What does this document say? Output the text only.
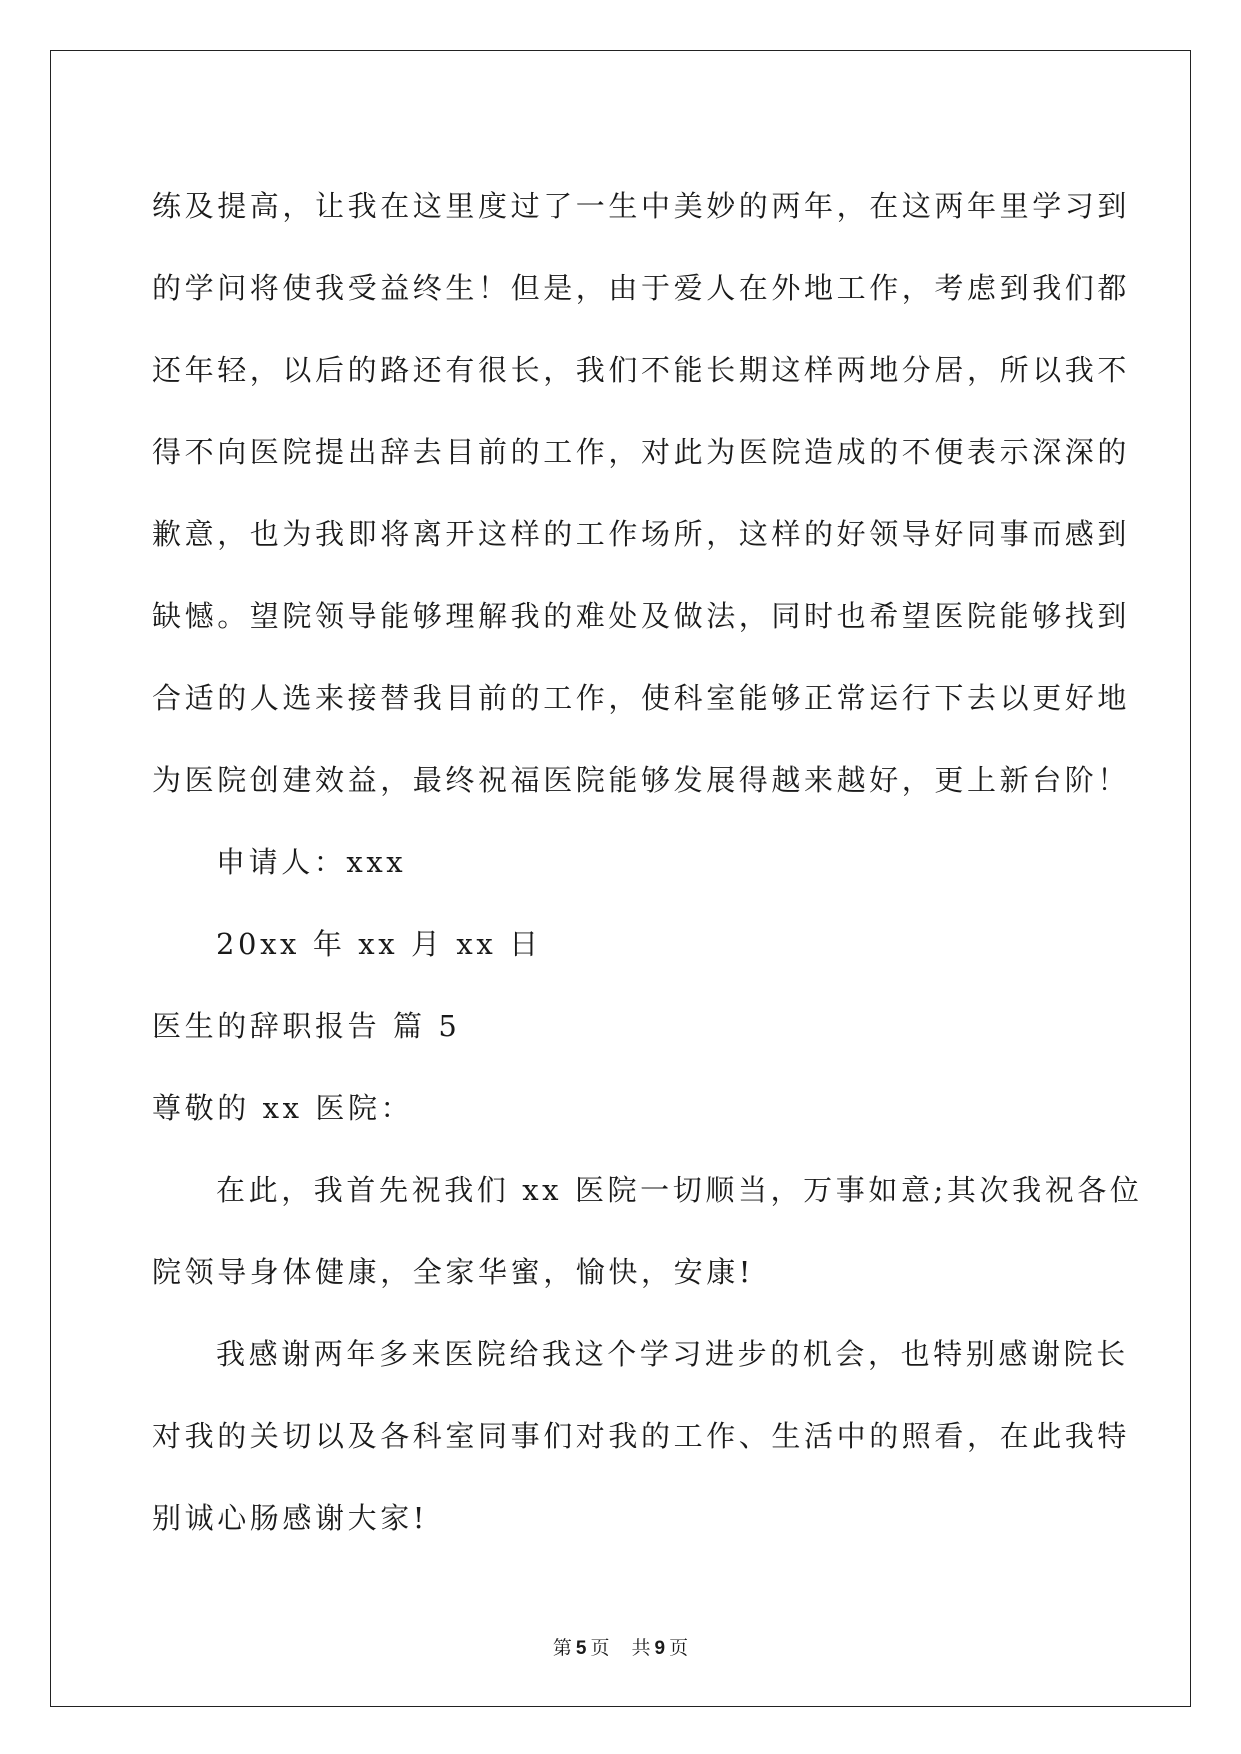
练及提高，让我在这里度过了一生中美妙的两年，在这两年里学习到

的学问将使我受益终生！但是，由于爱人在外地工作，考虑到我们都

还年轻，以后的路还有很长，我们不能长期这样两地分居，所以我不

得不向医院提出辞去目前的工作，对此为医院造成的不便表示深深的

歉意，也为我即将离开这样的工作场所，这样的好领导好同事而感到

缺憾。望院领导能够理解我的难处及做法，同时也希望医院能够找到

合适的人选来接替我目前的工作，使科室能够正常运行下去以更好地

为医院创建效益，最终祝福医院能够发展得越来越好，更上新台阶！

申请人：xxx

20xx 年 xx 月 xx 日

医生的辞职报告 篇 5

尊敬的 xx 医院：

在此，我首先祝我们 xx 医院一切顺当，万事如意;其次我祝各位

院领导身体健康，全家华蜜，愉快，安康!

我感谢两年多来医院给我这个学习进步的机会，也特别感谢院长

对我的关切以及各科室同事们对我的工作、生活中的照看，在此我特

别诚心肠感谢大家!

第 5 页 共 9 页
